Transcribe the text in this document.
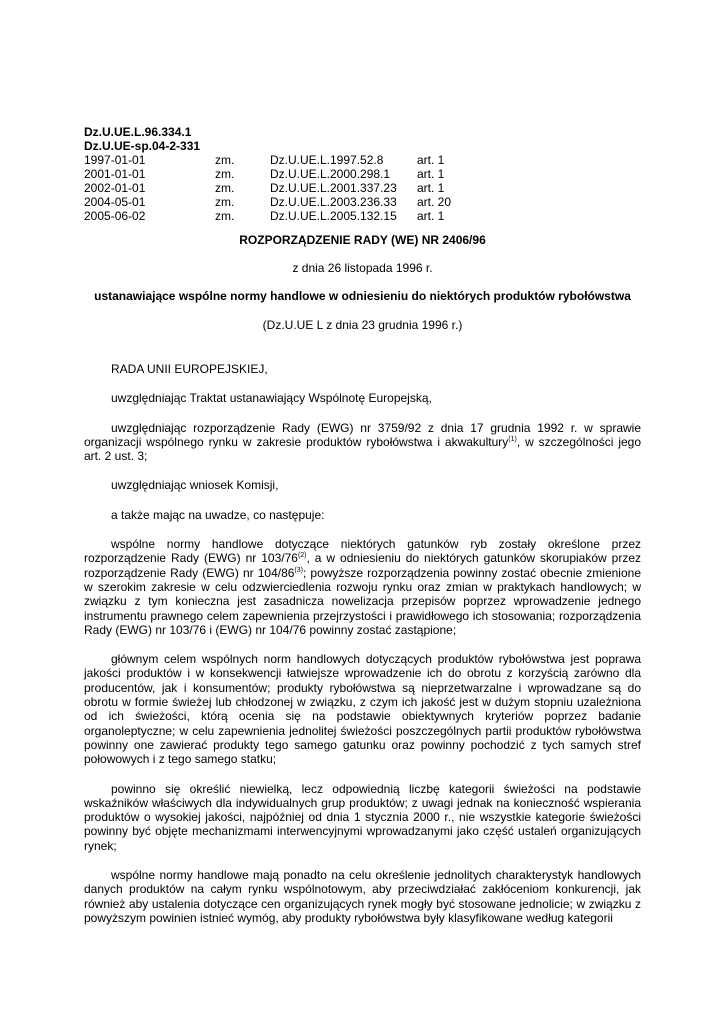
Dz.U.UE.L.96.334.1
Dz.U.UE-sp.04-2-331
1997-01-01	zm.	Dz.U.UE.L.1997.52.8	art. 1
2001-01-01	zm.	Dz.U.UE.L.2000.298.1	art. 1
2002-01-01	zm.	Dz.U.UE.L.2001.337.23	art. 1
2004-05-01	zm.	Dz.U.UE.L.2003.236.33	art. 20
2005-06-02	zm.	Dz.U.UE.L.2005.132.15	art. 1
ROZPORZĄDZENIE RADY (WE) NR 2406/96
z dnia 26 listopada 1996 r.
ustanawiające wspólne normy handlowe w odniesieniu do niektórych produktów rybołówstwa
(Dz.U.UE L z dnia 23 grudnia 1996 r.)

RADA UNII EUROPEJSKIEJ,

uwzględniając Traktat ustanawiający Wspólnotę Europejską,

uwzględniając rozporządzenie Rady (EWG) nr 3759/92 z dnia 17 grudnia 1992 r. w sprawie organizacji wspólnego rynku w zakresie produktów rybołówstwa i akwakultury$^{(1)}$, w szczególności jego art. 2 ust. 3;

uwzględniając wniosek Komisji,

a także mając na uwadze, co następuje:

wspólne normy handlowe dotyczące niektórych gatunków ryb zostały określone przez rozporządzenie Rady (EWG) nr 103/76$^{(2)}$, a w odniesieniu do niektórych gatunków skorupiaków przez rozporządzenie Rady (EWG) nr 104/86$^{(3)}$; powyższe rozporządzenia powinny zostać obecnie zmienione w szerokim zakresie w celu odzwierciedlenia rozwoju rynku oraz zmian w praktykach handlowych; w związku z tym konieczna jest zasadnicza nowelizacja przepisów poprzez wprowadzenie jednego instrumentu prawnego celem zapewnienia przejrzystości i prawidłowego ich stosowania; rozporządzenia Rady (EWG) nr 103/76 i (EWG) nr 104/76 powinny zostać zastąpione;

głównym celem wspólnych norm handlowych dotyczących produktów rybołówstwa jest poprawa jakości produktów i w konsekwencji łatwiejsze wprowadzenie ich do obrotu z korzyścią zarówno dla producentów, jak i konsumentów; produkty rybołówstwa są nieprzetwarzalne i wprowadzane są do obrotu w formie świeżej lub chłodzonej w związku, z czym ich jakość jest w dużym stopniu uzależniona od ich świeżości, którą ocenia się na podstawie obiektywnych kryteriów poprzez badanie organoleptyczne; w celu zapewnienia jednolitej świeżości poszczególnych partii produktów rybołówstwa powinny one zawierać produkty tego samego gatunku oraz powinny pochodzić z tych samych stref połowowych i z tego samego statku;

powinno się określić niewielką, lecz odpowiednią liczbę kategorii świeżości na podstawie wskaźników właściwych dla indywidualnych grup produktów; z uwagi jednak na konieczność wspierania produktów o wysokiej jakości, najpóźniej od dnia 1 stycznia 2000 r., nie wszystkie kategorie świeżości powinny być objęte mechanizmami interwencyjnymi wprowadzanymi jako część ustaleń organizujących rynek;

wspólne normy handlowe mają ponadto na celu określenie jednolitych charakterystyk handlowych danych produktów na całym rynku wspólnotowym, aby przeciwdziałać zakłóceniom konkurencji, jak również aby ustalenia dotyczące cen organizujących rynek mogły być stosowane jednolicie; w związku z powyższym powinien istnieć wymóg, aby produkty rybołówstwa były klasyfikowane według kategorii
